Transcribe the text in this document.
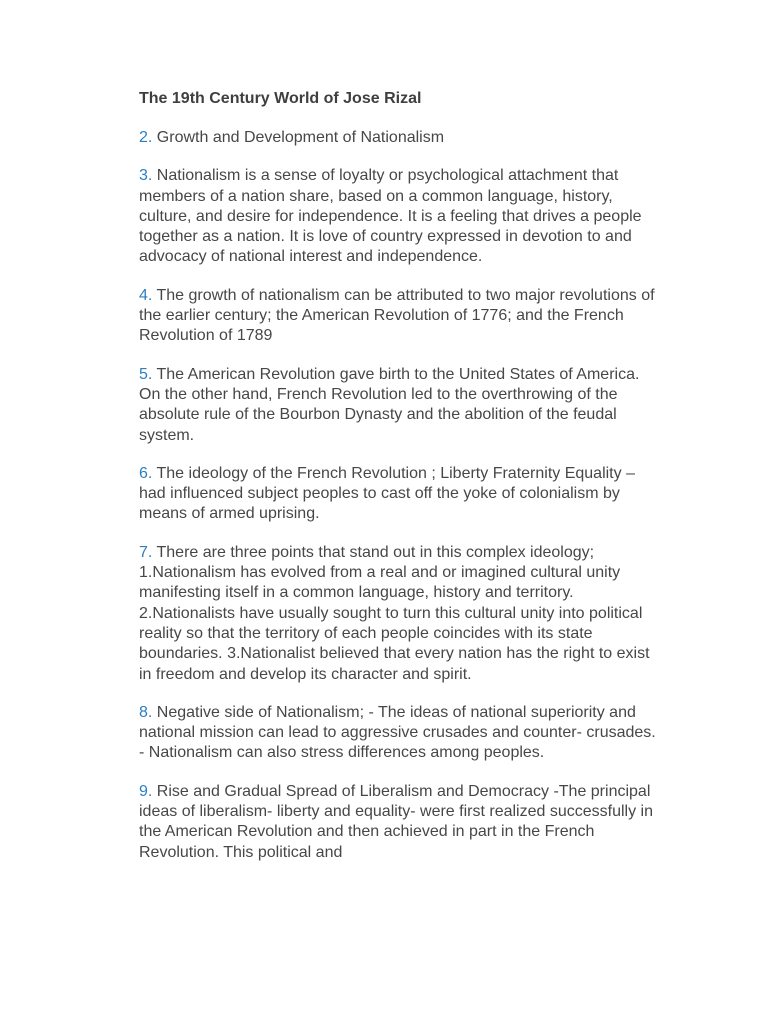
The 19th Century World of Jose Rizal

2. Growth and Development of Nationalism

3. Nationalism is a sense of loyalty or psychological attachment that members of a nation share, based on a common language, history, culture, and desire for independence. It is a feeling that drives a people together as a nation. It is love of country expressed in devotion to and advocacy of national interest and independence.

4. The growth of nationalism can be attributed to two major revolutions of the earlier century; the American Revolution of 1776; and the French Revolution of 1789

5. The American Revolution gave birth to the United States of America. On the other hand, French Revolution led to the overthrowing of the absolute rule of the Bourbon Dynasty and the abolition of the feudal system.

6. The ideology of the French Revolution ; Liberty Fraternity Equality – had influenced subject peoples to cast off the yoke of colonialism by means of armed uprising.

7. There are three points that stand out in this complex ideology; 1.Nationalism has evolved from a real and or imagined cultural unity manifesting itself in a common language, history and territory. 2.Nationalists have usually sought to turn this cultural unity into political reality so that the territory of each people coincides with its state boundaries. 3.Nationalist believed that every nation has the right to exist in freedom and develop its character and spirit.

8. Negative side of Nationalism; - The ideas of national superiority and national mission can lead to aggressive crusades and counter- crusades. - Nationalism can also stress differences among peoples.

9. Rise and Gradual Spread of Liberalism and Democracy -The principal ideas of liberalism- liberty and equality- were first realized successfully in the American Revolution and then achieved in part in the French Revolution. This political and
